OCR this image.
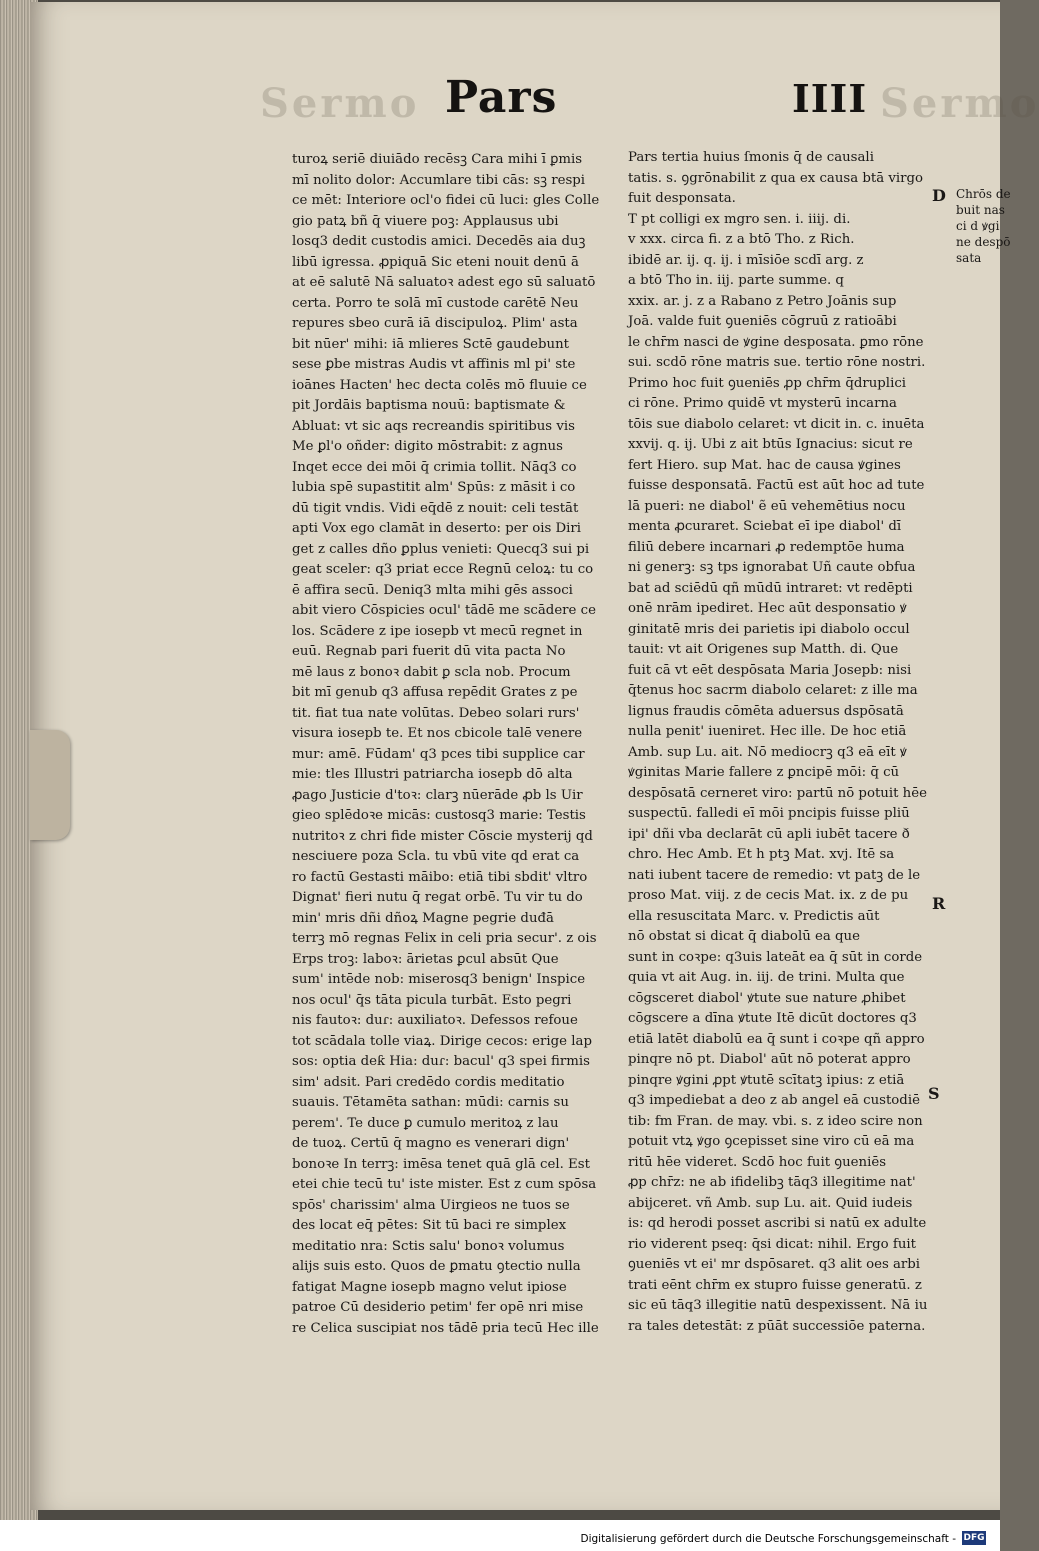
Sermo	Sermo
Pars	IIII
turoꝝ seriē diuiādo recēsꝫ Cara mihi ī ꝑmis
mī nolito dolor: Accumlare tibi cās: sꝫ respi
ce mēt: Interiore ocl'o fidei cū luci: gles Colle
gio patꝝ bñ q̄ viuere poꝫ: Applausus ubi
losq3 dedit custodis amici. Decedēs aia duꝫ
libū igressa. ꝓpiquā Sic eteni nouit denū ā
at eē salutē Nā saluatoꝛ adest ego sū saluatō
certa. Porro te solā mī custode carētē Neu
repures sbeo curā iā discipuloꝝ. Plim' asta
bit nūer' mihi: iā mlieres Sctē gaudebunt
sese ꝑbe mistras Audis vt affinis ml pi' ste
ioānes Hacten' hec decta colēs mō fluuie ce
pit Jordāis baptisma nouū: baptismate &
Abluat: vt sic aqs recreandis spiritibus vis
Me ꝑl'o oñder: digito mōstrabit: z agnus
Inqet ecce dei mōi q̄ crimia tollit. Nāq3 co
lubia spē supastitit alm' Spūs: z māsit i co
dū tigit vndis. Vidi eq̄dē z nouit: celi testāt
apti Vox ego clamāt in deserto: per ois Diri
get z calles dño ꝑplus venieti: Quecq3 sui pi
geat sceler: q3 priat ecce Regnū celoꝝ: tu co
ē affira secū. Deniq3 mlta mihi gēs associ
abit viero Cōspicies ocul' tādē me scādere ce
los. Scādere z ipe iosepb vt mecū regnet in
euū. Regnab pari fuerit dū vita pacta No
mē laus z bonoꝛ dabit ꝑ scla nob. Procum
bit mī genub q3 affusa repēdit Grates z pe
tit. fiat tua nate volūtas. Debeo solari rurs'
visura iosepb te. Et nos cbicole talē venere
mur: amē. Fūdam' q3 pces tibi supplice car
mie: tles Illustri patriarcha iosepb dō alta
ꝓago Justicie d'toꝛ: clarꝫ nūerāde ꝓb ls Uir
gieo splēdoꝛe micās: custosq3 marie: Testis
nutritoꝛ z chri fide mister Cōscie mysterij qd
nesciuere poza Scla. tu vbū vite qd erat ca
ro factū Gestasti māibo: etiā tibi sbdit' vltro
Dignat' fieri nutu q̄ regat orbē. Tu vir tu do
min' mris dñi dñoꝝ Magne pegrie duđā
terrꝫ mō regnas Felix in celi pria secur'. z ois
Erps troꝫ: laboꝛ: ārietas ꝑcul absūt Que
sum' intēde nob: miserosq3 benign' Inspice
nos ocul' q̄s tāta picula turbāt. Esto pegri
nis fautoꝛ: duɾ: auxiliatoꝛ. Defessos refoue
tot scādala tolle viaꝝ. Dirige cecos: erige lap
sos: optia deƙ Hia: duɾ: bacul' q3 spei firmis
sim' adsit. Pari credēdo cordis meditatio
suauis. Tētamēta sathan: mūdi: carnis su
perem'. Te duce ꝑ cumulo meritoꝝ z lau
de tuoꝝ. Certū q̄ magno es venerari dign'
bonoꝛe In terrꝫ: imēsa tenet quā glā cel. Est
etei chie tecū tu' iste mister. Est z cum spōsa
spōs' charissim' alma Uirgieos ne tuos se
des locat eq̄ pētes: Sit tū baci re simplex
meditatio nra: Sctis salu' bonoꝛ volumus
alijs suis esto. Quos de ꝑmatu ꝯtectio nulla
fatigat Magne iosepb magno velut ipiose
patroe Cū desiderio petim' fer opē nri mise
re Celica suscipiat nos tādē pria tecū Hec ille
Pars tertia huius ſmonis q̄ de causali
tatis. s. ꝯgrōnabilit z qua ex causa btā virgo
fuit desponsata.
T pt colligi ex mgro sen. i. iiij. di.
v xxx. circa fi. z a btō Tho. z Rich.
ibidē ar. ij. q. ij. i mīsiōe scdī arg. z
a btō Tho in. iij. parte summe. q
xxix. ar. j. z a Rabano z Petro Joānis sup
Joā. valde fuit ꝯueniēs cōgruū z ratioābi
le chr̄m nasci de ꝟgine desposata. ꝑmo rōne
sui. scdō rōne matris sue. tertio rōne nostri.
Primo hoc fuit ꝯueniēs ꝓp chr̄m q̄druplici
ci rōne. Primo quidē vt mysterū incarna
tōis sue diabolo celaret: vt dicit in. c. inuēta
xxvij. q. ij. Ubi z ait btūs Ignacius: sicut re
fert Hiero. sup Mat. hac de causa ꝟgines
fuisse desponsatā. Factū est aūt hoc ad tute
lā pueri: ne diabol' ẽ eū vehemētius nocu
menta ꝓcuraret. Sciebat eī ipe diabol' dī
filiū debere incarnari ꝓ redemptōe huma
ni generꝫ: sꝫ tps ignorabat Uñ caute obfua
bat ad sciēdū qñ mūdū intraret: vt redēpti
onē nrām ipediret. Hec aūt desponsatio ꝟ
ginitatē mris dei parietis ipi diabolo occul
tauit: vt ait Origenes sup Matth. di. Que
fuit cā vt eēt despōsata Maria Josepb: nisi
q̄tenus hoc sacrm diabolo celaret: z ille ma
lignus fraudis cōmēta aduersus dspōsatā
nulla penit' iueniret. Hec ille. De hoc etiā
Amb. sup Lu. ait. Nō mediocrꝫ q3 eā eīt ꝟ
ꝟginitas Marie fallere z ꝑncipē mōi: q̄ cū
despōsatā cerneret viro: partū nō potuit hēe
suspectū. falledi eī mōi pncipis fuisse pliū
ipi' dñi vba declarāt cū apli iubēt tacere ð
chro. Hec Amb. Et h ptꝫ Mat. xvj. Itē sa
nati iubent tacere de remedio: vt patꝫ de le
proso Mat. viij. z de cecis Mat. ix. z de pu
ella resuscitata Marc. v. Predictis aūt
nō obstat si dicat q̄ diabolū ea que
sunt in coꝛpe: q3uis lateāt ea q̄ sūt in corde
quia vt ait Aug. in. iij. de trini. Multa que
cōgsceret diabol' ꝟtute sue nature ꝓhibet
cōgscere a dīna ꝟtute Itē dicūt doctores q3
etiā latēt diabolū ea q̄ sunt i coꝛpe qñ appro
pinqre nō pt. Diabol' aūt nō poterat appro
pinqre ꝟgini ꝓpt ꝟtutē scītatꝫ ipius: z etiā
q3 impediebat a deo z ab angel eā custodiē
tib: fm Fran. de may. vbi. s. z ideo scire non
potuit vtꝝ ꝟgo ꝯcepisset sine viro cū eā ma
ritū hēe videret. Scdō hoc fuit ꝯueniēs
ꝓp chr̄z: ne ab ifidelibꝫ tāq3 illegitime nat'
abijceret. vñ Amb. sup Lu. ait. Quid iudeis
is: qd herodi posset ascribi si natū ex adulte
rio viderent pseq: q̄si dicat: nihil. Ergo fuit
ꝯueniēs vt ei' mr dspōsaret. q3 alit oes arbi
trati eēnt chr̄m ex stupro fuisse generatū. z
sic eū tāq3 illegitie natū despexissent. Nā iu
ra tales detestāt: z pūāt successiōe paterna.
Chrōs de
buit nas
ci d ꝟgi
ne despō
sata
D
R
S
Digitalisierung gefördert durch die Deutsche Forschungsgemeinschaft - DFG
